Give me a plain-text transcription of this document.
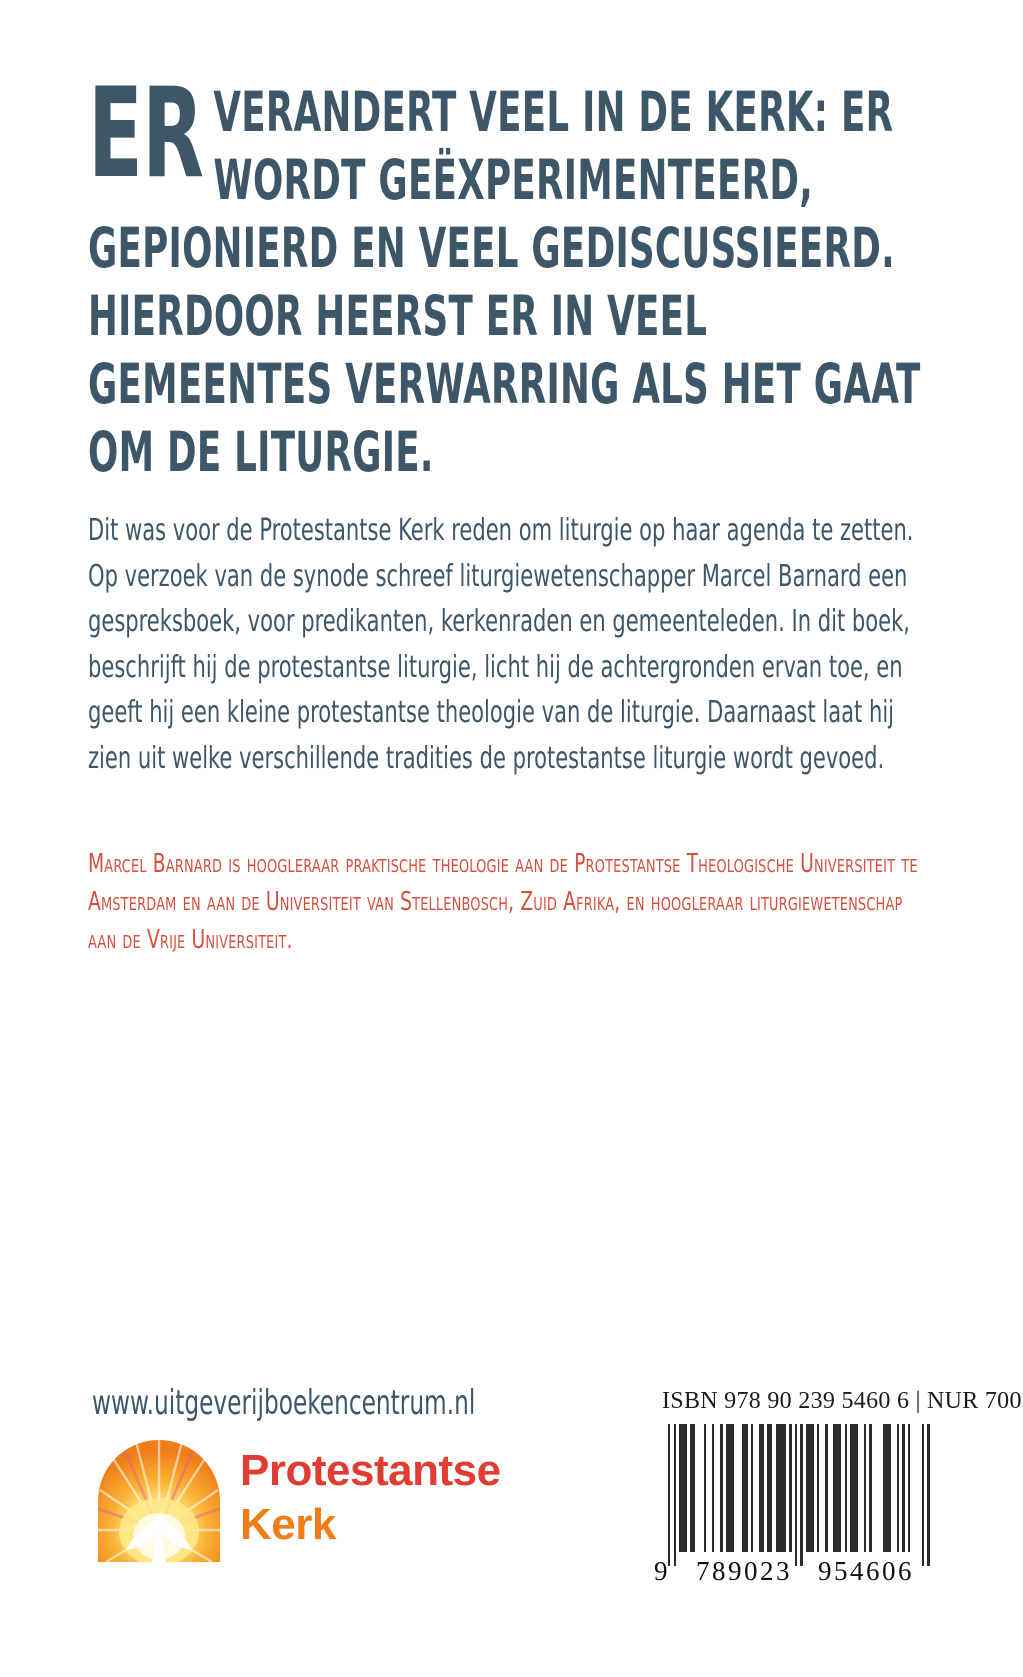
ER VERANDERT VEEL IN DE KERK: ER WORDT GEËXPERIMENTEERD, GEPIONIERD EN VEEL GEDISCUSSIEERD. HIERDOOR HEERST ER IN VEEL GEMEENTES VERWARRING ALS HET GAAT OM DE LITURGIE.

Dit was voor de Protestantse Kerk reden om liturgie op haar agenda te zetten. Op verzoek van de synode schreef liturgiewetenschapper Marcel Barnard een gespreksboek, voor predikanten, kerkenraden en gemeenteleden. In dit boek, beschrijft hij de protestantse liturgie, licht hij de achtergronden ervan toe, en geeft hij een kleine protestantse theologie van de liturgie. Daarnaast laat hij zien uit welke verschillende tradities de protestantse liturgie wordt gevoed.

Marcel Barnard is hoogleraar praktische theologie aan de Protestantse Theologische Universiteit te Amsterdam en aan de Universiteit van Stellenbosch, Zuid Afrika, en hoogleraar liturgiewetenschap aan de Vrije Universiteit.

www.uitgeverijboekencentrum.nl	ISBN 978 90 239 5460 6 | NUR 700
9 789023 954606
Protestantse
Kerk
